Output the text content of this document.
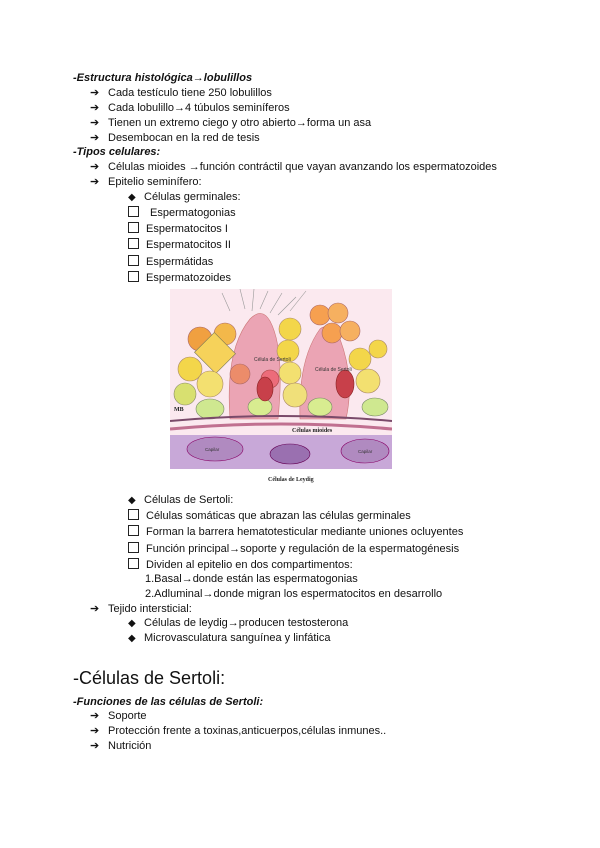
-Estructura histológica→lobulillos
➔ Cada testículo tiene 250 lobulillos
➔ Cada lobulillo→4 túbulos seminíferos
➔ Tienen un extremo ciego y otro abierto→forma un asa
➔ Desembocan en la red de tesis
-Tipos celulares:
➔ Células mioides →función contráctil que vayan avanzando los espermatozoides
➔ Epitelio seminífero:
◆ Células germinales:
Espermatogonias
Espermatocitos I
Espermatocitos II
Espermátidas
Espermatozoides
Célula de Sertoli
Célula de Sertoli
MB
Células mioides
Capilar	Capilar
Células de Leydig
◆ Células de Sertoli:
Células somáticas que abrazan las células germinales
Forman la barrera hematotesticular mediante uniones ocluyentes
Función principal→soporte y regulación de la espermatogénesis
Dividen al epitelio en dos compartimentos:
1.Basal→donde están las espermatogonias
2.Adluminal→donde migran los espermatocitos en desarrollo
➔ Tejido intersticial:
◆ Células de leydig→producen testosterona
◆ Microvasculatura sanguínea y linfática
-Células de Sertoli:
-Funciones de las células de Sertoli:
➔ Soporte
➔ Protección frente a toxinas,anticuerpos,células inmunes..
➔ Nutrición
